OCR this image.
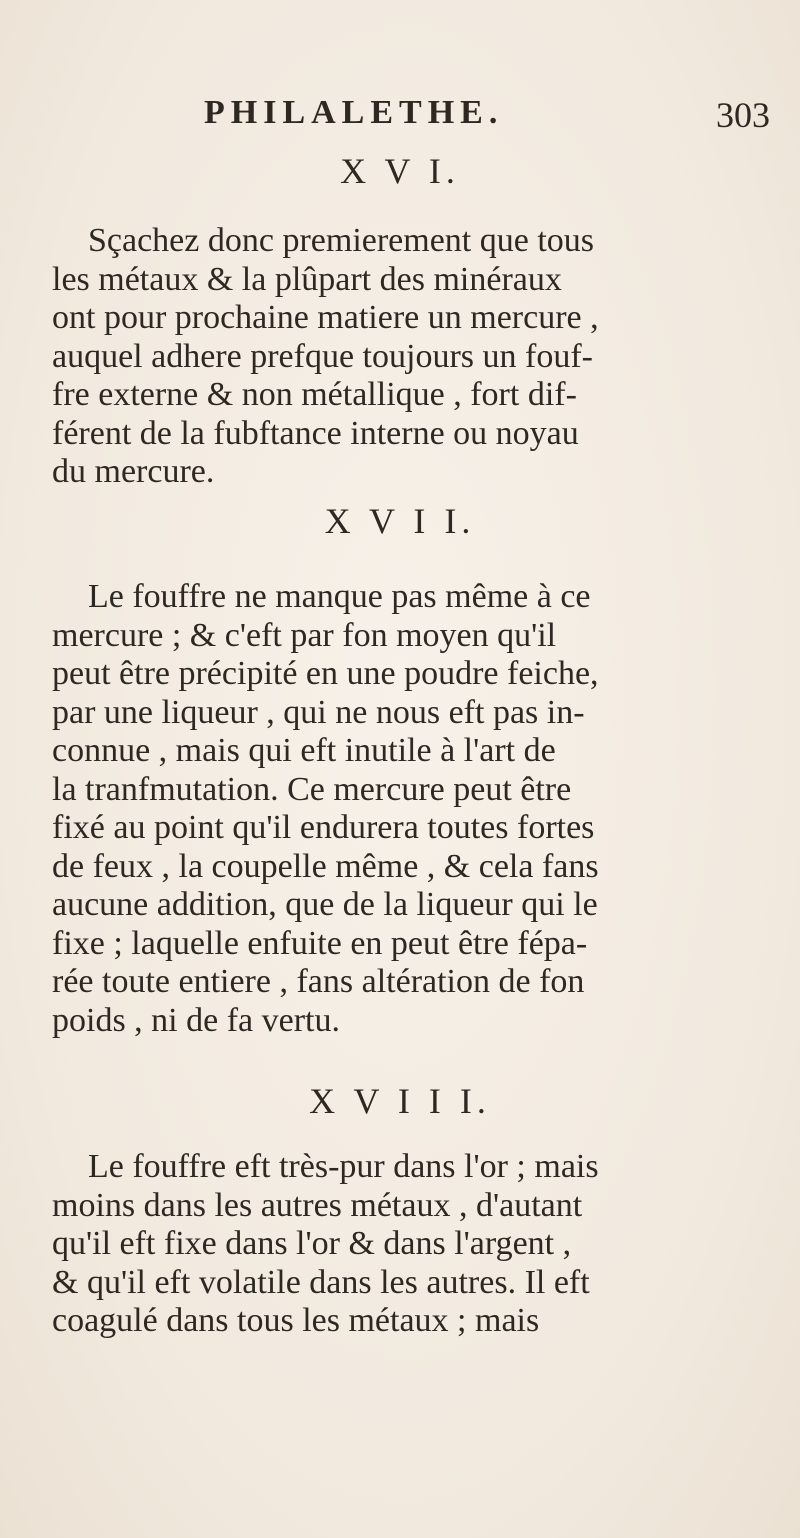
PHILALETHE.	303
X V I.
Sçachez donc premierement que tous
les métaux & la plûpart des minéraux
ont pour prochaine matiere un mercure ,
auquel adhere prefque toujours un fouf-
fre externe & non métallique , fort dif-
férent de la fubftance interne ou noyau
du mercure.
X V I I.
Le fouffre ne manque pas même à ce
mercure ; & c'eft par fon moyen qu'il
peut être précipité en une poudre feiche,
par une liqueur , qui ne nous eft pas in-
connue , mais qui eft inutile à l'art de
la tranfmutation. Ce mercure peut être
fixé au point qu'il endurera toutes fortes
de feux , la coupelle même , & cela fans
aucune addition, que de la liqueur qui le
fixe ; laquelle enfuite en peut être fépa-
rée toute entiere , fans altération de fon
poids , ni de fa vertu.
X V I I I.
Le fouffre eft très-pur dans l'or ; mais
moins dans les autres métaux , d'autant
qu'il eft fixe dans l'or & dans l'argent ,
& qu'il eft volatile dans les autres. Il eft
coagulé dans tous les métaux ; mais
